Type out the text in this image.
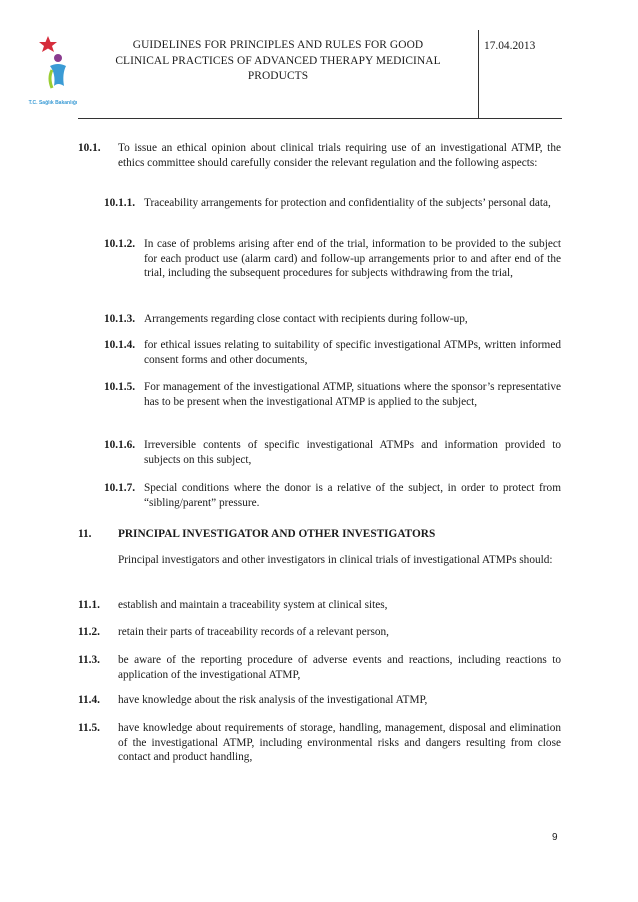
T.C. Sağlık Bakanlığı
GUIDELINES FOR PRINCIPLES AND RULES FOR GOOD
CLINICAL PRACTICES OF ADVANCED THERAPY MEDICINAL
PRODUCTS
17.04.2013
10.1. To issue an ethical opinion about clinical trials requiring use of an investigational ATMP, the ethics committee should carefully consider the relevant regulation and the following aspects:
10.1.1. Traceability arrangements for protection and confidentiality of the subjects’ personal data,
10.1.2. In case of problems arising after end of the trial, information to be provided to the subject for each product use (alarm card) and follow-up arrangements prior to and after end of the trial, including the subsequent procedures for subjects withdrawing from the trial,
10.1.3. Arrangements regarding close contact with recipients during follow-up,
10.1.4. for ethical issues relating to suitability of specific investigational ATMPs, written informed consent forms and other documents,
10.1.5. For management of the investigational ATMP, situations where the sponsor’s representative has to be present when the investigational ATMP is applied to the subject,
10.1.6. Irreversible contents of specific investigational ATMPs and information provided to subjects on this subject,
10.1.7. Special conditions where the donor is a relative of the subject, in order to protect from “sibling/parent” pressure.
11. PRINCIPAL INVESTIGATOR AND OTHER INVESTIGATORS
Principal investigators and other investigators in clinical trials of investigational ATMPs should:
11.1. establish and maintain a traceability system at clinical sites,
11.2. retain their parts of traceability records of a relevant person,
11.3. be aware of the reporting procedure of adverse events and reactions, including reactions to application of the investigational ATMP,
11.4. have knowledge about the risk analysis of the investigational ATMP,
11.5. have knowledge about requirements of storage, handling, management, disposal and elimination of the investigational ATMP, including environmental risks and dangers resulting from close contact and product handling,
9
